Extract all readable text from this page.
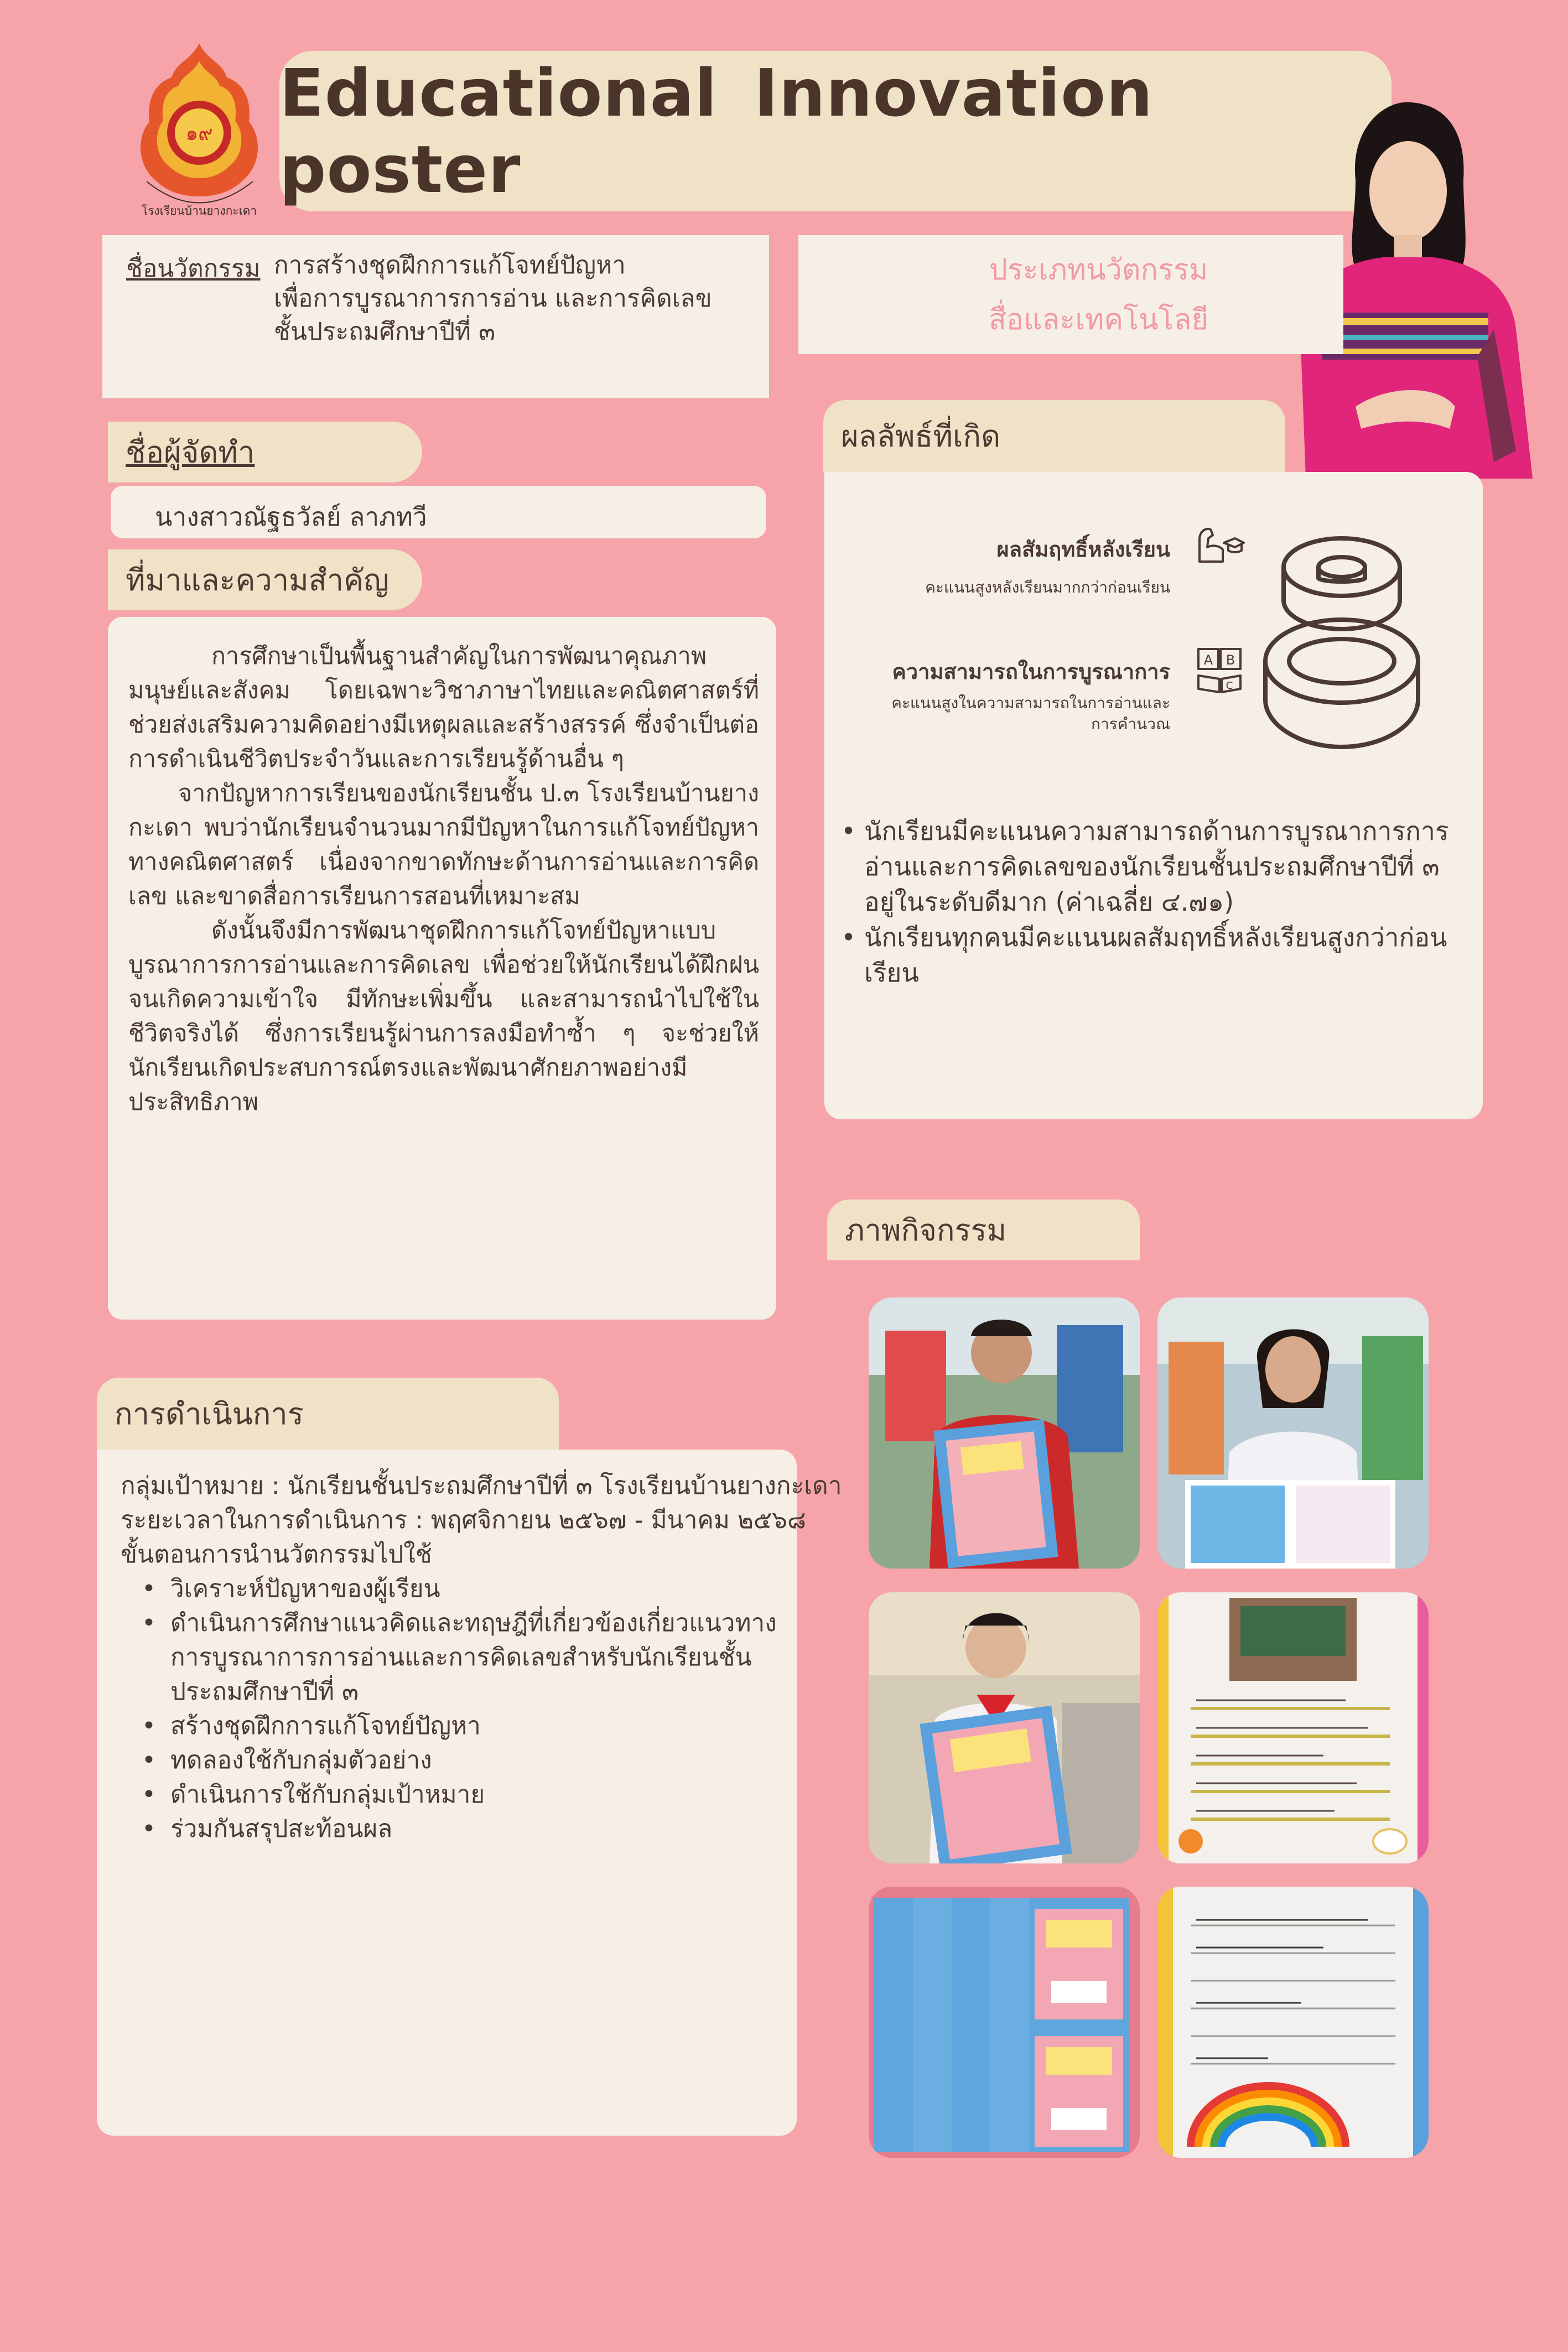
Educational Innovation poster
๑๙
โรงเรียนบ้านยางกะเดา
ชื่อนวัตกรรม การสร้างชุดฝึกการแก้โจทย์ปัญหา
เพื่อการบูรณาการการอ่าน และการคิดเลข
ชั้นประถมศึกษาปีที่ ๓
ประเภทนวัตกรรม
สื่อและเทคโนโลยี
ชื่อผู้จัดทำ
นางสาวณัฐธวัลย์ ลาภทวี
ที่มาและความสำคัญ

การศึกษาเป็นพื้นฐานสำคัญในการพัฒนาคุณภาพมนุษย์และสังคม โดยเฉพาะวิชาภาษาไทยและคณิตศาสตร์ที่ช่วยส่งเสริมความคิดอย่างมีเหตุผลและสร้างสรรค์ ซึ่งจำเป็นต่อการดำเนินชีวิตประจำวันและการเรียนรู้ด้านอื่น ๆ

จากปัญหาการเรียนของนักเรียนชั้น ป.๓ โรงเรียนบ้านยางกะเดา พบว่านักเรียนจำนวนมากมีปัญหาในการแก้โจทย์ปัญหาทางคณิตศาสตร์ เนื่องจากขาดทักษะด้านการอ่านและการคิดเลข และขาดสื่อการเรียนการสอนที่เหมาะสม

ดังนั้นจึงมีการพัฒนาชุดฝึกการแก้โจทย์ปัญหาแบบบูรณาการการอ่านและการคิดเลข เพื่อช่วยให้นักเรียนได้ฝึกฝนจนเกิดความเข้าใจ มีทักษะเพิ่มขึ้น และสามารถนำไปใช้ในชีวิตจริงได้ ซึ่งการเรียนรู้ผ่านการลงมือทำซ้ำ ๆ จะช่วยให้นักเรียนเกิดประสบการณ์ตรงและพัฒนาศักยภาพอย่างมีประสิทธิภาพ

ผลลัพธ์ที่เกิด
ผลสัมฤทธิ์หลังเรียน
คะแนนสูงหลังเรียนมากกว่าก่อนเรียน
ความสามารถในการบูรณาการ
คะแนนสูงในความสามารถในการอ่านและการคำนวณ
A B
C
• นักเรียนมีคะแนนความสามารถด้านการบูรณาการการอ่านและการคิดเลขของนักเรียนชั้นประถมศึกษาปีที่ ๓ อยู่ในระดับดีมาก (ค่าเฉลี่ย ๔.๗๑)
• นักเรียนทุกคนมีคะแนนผลสัมฤทธิ์หลังเรียนสูงกว่าก่อนเรียน
ภาพกิจกรรม
การดำเนินการ
กลุ่มเป้าหมาย : นักเรียนชั้นประถมศึกษาปีที่ ๓ โรงเรียนบ้านยางกะเดา
ระยะเวลาในการดำเนินการ : พฤศจิกายน ๒๕๖๗ - มีนาคม ๒๕๖๘
ขั้นตอนการนำนวัตกรรมไปใช้
• วิเคราะห์ปัญหาของผู้เรียน
• ดำเนินการศึกษาแนวคิดและทฤษฎีที่เกี่ยวข้องเกี่ยวแนวทางการบูรณาการการอ่านและการคิดเลขสำหรับนักเรียนชั้นประถมศึกษาปีที่ ๓
• สร้างชุดฝึกการแก้โจทย์ปัญหา
• ทดลองใช้กับกลุ่มตัวอย่าง
• ดำเนินการใช้กับกลุ่มเป้าหมาย
• ร่วมกันสรุปสะท้อนผล
